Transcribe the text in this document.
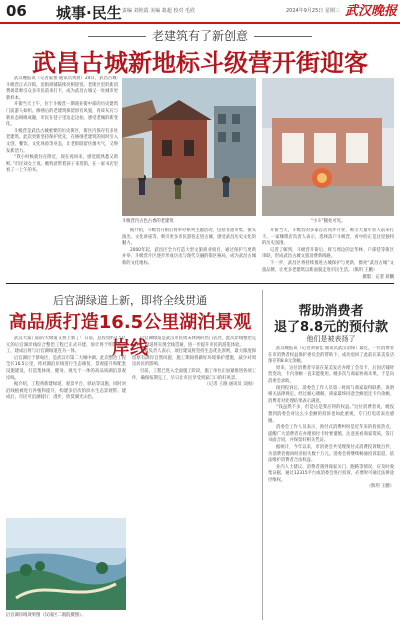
06 城事·民生 责编 刘艳霞 美编 葛超 校对 毛欣	2024年9月25日 星期三 武汉晚报
老建筑有了新创意
武昌古城新地标斗级营开街迎客

武汉晚报讯（记者董蕾 通讯员黄晨）24日，武昌古城·斗级营正式开街，沿街商铺陆续亮相迎客。老街区里的新消费场景吸引众多市民前来打卡，成为武昌古城又一处城市更新样本。

开街当天上午，位于斗级营一期商业街中部的历史建筑门前游人如织。修缮后的老建筑保留原有风貌，青砖灰瓦与新业态相映成趣，市民在巷子里边走边拍，感受老城的新变化。

斗级营是武昌古城重要的历史街区，街区内保存有多处老建筑。此次更新坚持保护优先，在修缮老建筑的同时引入文创、餐饮、文化体验等业态，让老街既留住烟火气，又焕发新活力。

“我小时候就住在附近，现在再回来，感觉既熟悉又新鲜。”市民刘女士说。她特意带着孩子来逛街，在一家书店里看了一上午的书。

斗级营内古色古香的老建筑	“小斗”随处可见。

据介绍，斗级营开街后将举办系列主题活动，包括非遗市集、街头演出、文化讲座等，吸引更多市民游客走进古城，感受武昌历史文化的魅力。

2000年起，武昌区全力打造大型文旅商业项目，通过保护与更新并举，斗级营片区逐步形成历史与现代交融的街区格局，成为武昌古城新的文化地标。

开街当天，斗级营的多家首店同步开业，吸引大量年轻人前来打卡。一家咖啡店负责人表示，选择落户斗级营，看中的正是这里独特的历史氛围。

记者了解到，斗级营开街后，将与周边的昙华林、户部巷等街区串联，形成武昌古城文旅消费新线路。

下一步，武昌区将持续推进古城保护与更新，擦亮“武昌古城”文旅品牌，让更多老建筑以新面貌走进市民生活。（熊玥 王鹏）

摄影：记者 蒋鹏
后官湖绿道上新，即将全线贯通
高品质打造16.5公里湖泊景观岸线

武汉大家门前的大绿道又将上新了！日前，总投资约2.5亿元的后官湖岸线综合整治工程已正式开建，预计将于明年底完工，建成后将与后官湖绿道连为一体。

后官湖位于蔡甸区，是武汉市第二大城中湖。此次整治工程全长16.5公里，将对湖泊岸线进行生态修复、景观提升和配套设施建设，打造集休闲、健身、观光于一体的高品质湖泊景观岸线。

据介绍，工程将新建绿道、观景平台、驿站等设施，同时对沿线植被进行补植和提升，构建多层次的滨水生态景观带。建成后，市民可沿湖骑行、漫步，欣赏湖光山色。

后官湖绿道是武汉市民周末休闲的热门去处，此次岸线整治完成后，绿道将实现全线贯通，进一步提升市民的游览体验。

工程负责人表示，项目建设将坚持生态优先原则，最大限度保留原有湖岸自然风貌，施工期间将做好环境保护措施，减少对周边居民的影响。

目前，工程已进入全面施工阶段，施工单位正加紧推进各项工作，确保按期完工，早日让市民享受到家门口的好风景。

（记者 王晓 通讯员 吴刚）

后官湖岸线效果图（汉南区二航院摄图）。
帮助消费者
退了8.8元的预付款
他们是被表扬了

武汉晚报讯（记者刘睿佳 通讯员武汉消保）最近，一位消费者在市消费者权益保护委员会的帮助下，成功退回了此前在某美发店预存的8.8元余额。

原来，这位消费者早前在某美发店办理了会员卡，后因店铺经营变动，卡内余额一直未能使用。她多次与商家协商未果，于是向消委会求助。

接到投诉后，消委会工作人员第一时间与商家取得联系，说明相关法律规定。经过耐心调解，商家最终同意全额退还卡内余额，消费者对处理结果表示满意。

“钱虽然不多，但是这是我应得的权益。”这位消费者说，她没想到消委会对这么小金额的投诉也如此重视，专门打电话表达感谢。

消委会工作人员表示，预付式消费纠纷是近年来的投诉热点，提醒广大消费者在办理预付卡时要谨慎，注意查看商家资质，签订书面合同，并保留好相关凭证。

据统计，今年以来，市消委会共受理预付式消费投诉数百件，为消费者挽回经济损失数十万元。消委会将继续畅通投诉渠道，依法维护消费者合法权益。

业内人士建议，消费者遇到商家关门、跑路等情况，应及时收集证据，通过12315平台或消委会进行投诉，必要时可通过法律途径维权。

（熊玥 王鹏）
